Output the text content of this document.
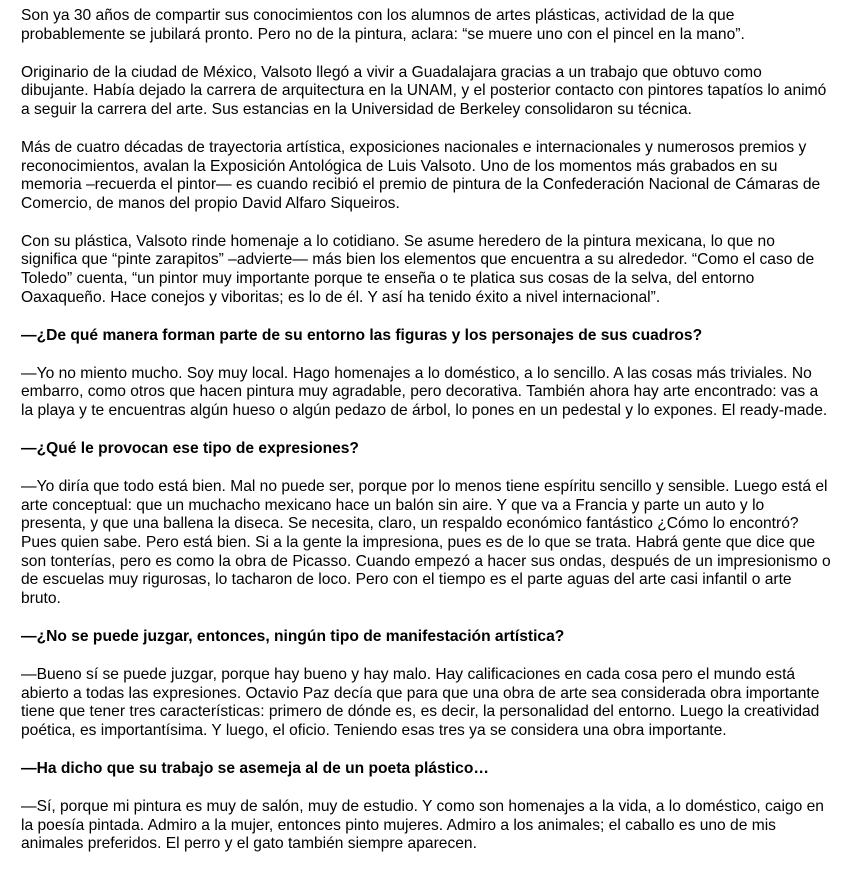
Son ya 30 años de compartir sus conocimientos con los alumnos de artes plásticas, actividad de la que probablemente se jubilará pronto. Pero no de la pintura, aclara: “se muere uno con el pincel en la mano”.

Originario de la ciudad de México, Valsoto llegó a vivir a Guadalajara gracias a un trabajo que obtuvo como dibujante. Había dejado la carrera de arquitectura en la UNAM, y el posterior contacto con pintores tapatíos lo animó a seguir la carrera del arte. Sus estancias en la Universidad de Berkeley consolidaron su técnica.

Más de cuatro décadas de trayectoria artística, exposiciones nacionales e internacionales y numerosos premios y reconocimientos, avalan la Exposición Antológica de Luis Valsoto. Uno de los momentos más grabados en su memoria –recuerda el pintor— es cuando recibió el premio de pintura de la Confederación Nacional de Cámaras de Comercio, de manos del propio David Alfaro Siqueiros.

Con su plástica, Valsoto rinde homenaje a lo cotidiano. Se asume heredero de la pintura mexicana, lo que no significa que “pinte zarapitos” –advierte— más bien los elementos que encuentra a su alrededor. “Como el caso de Toledo” cuenta, “un pintor muy importante porque te enseña o te platica sus cosas de la selva, del entorno Oaxaqueño. Hace conejos y viboritas; es lo de él. Y así ha tenido éxito a nivel internacional”.

—¿De qué manera forman parte de su entorno las figuras y los personajes de sus cuadros?

—Yo no miento mucho. Soy muy local. Hago homenajes a lo doméstico, a lo sencillo. A las cosas más triviales. No embarro, como otros que hacen pintura muy agradable, pero decorativa. También ahora hay arte encontrado: vas a la playa y te encuentras algún hueso o algún pedazo de árbol, lo pones en un pedestal y lo expones. El ready-made.

—¿Qué le provocan ese tipo de expresiones?

—Yo diría que todo está bien. Mal no puede ser, porque por lo menos tiene espíritu sencillo y sensible. Luego está el arte conceptual: que un muchacho mexicano hace un balón sin aire. Y que va a Francia y parte un auto y lo presenta, y que una ballena la diseca. Se necesita, claro, un respaldo económico fantástico ¿Cómo lo encontró? Pues quien sabe. Pero está bien. Si a la gente la impresiona, pues es de lo que se trata. Habrá gente que dice que son tonterías, pero es como la obra de Picasso. Cuando empezó a hacer sus ondas, después de un impresionismo o de escuelas muy rigurosas, lo tacharon de loco. Pero con el tiempo es el parte aguas del arte casi infantil o arte bruto.

—¿No se puede juzgar, entonces, ningún tipo de manifestación artística?

—Bueno sí se puede juzgar, porque hay bueno y hay malo. Hay calificaciones en cada cosa pero el mundo está abierto a todas las expresiones. Octavio Paz decía que para que una obra de arte sea considerada obra importante tiene que tener tres características: primero de dónde es, es decir, la personalidad del entorno. Luego la creatividad poética, es importantísima. Y luego, el oficio. Teniendo esas tres ya se considera una obra importante.

—Ha dicho que su trabajo se asemeja al de un poeta plástico…

—Sí, porque mi pintura es muy de salón, muy de estudio. Y como son homenajes a la vida, a lo doméstico, caigo en la poesía pintada. Admiro a la mujer, entonces pinto mujeres. Admiro a los animales; el caballo es uno de mis animales preferidos. El perro y el gato también siempre aparecen.
